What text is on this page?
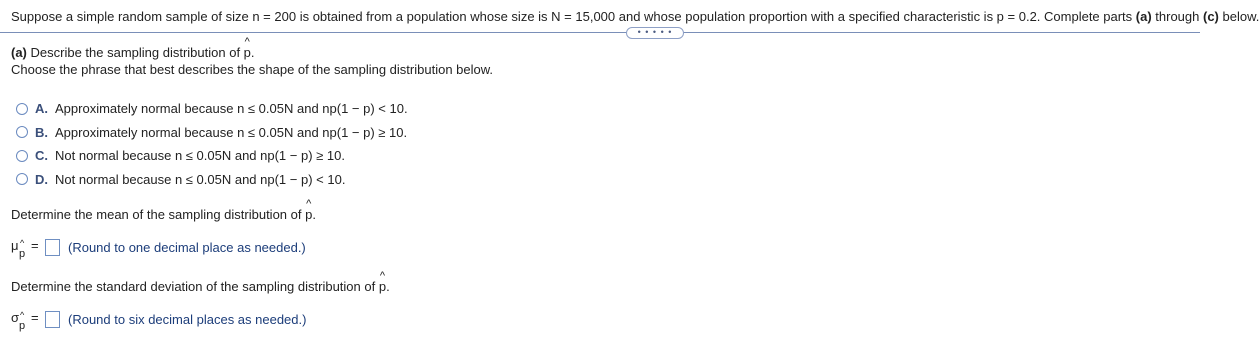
Suppose a simple random sample of size n = 200 is obtained from a population whose size is N = 15,000 and whose population proportion with a specified characteristic is p = 0.2. Complete parts (a) through (c) below.
• • • • •
(a) Describe the sampling distribution of ^ p.
Choose the phrase that best describes the shape of the sampling distribution below.
A. Approximately normal because n ≤ 0.05N and np(1 − p) < 10.
B. Approximately normal because n ≤ 0.05N and np(1 − p) ≥ 10.
C. Not normal because n ≤ 0.05N and np(1 − p) ≥ 10.
D. Not normal because n ≤ 0.05N and np(1 − p) < 10.
Determine the mean of the sampling distribution of ^ p.
μ ^
p
= (Round to one decimal place as needed.)
Determine the standard deviation of the sampling distribution of ^ p.
σ ^
p
= (Round to six decimal places as needed.)
